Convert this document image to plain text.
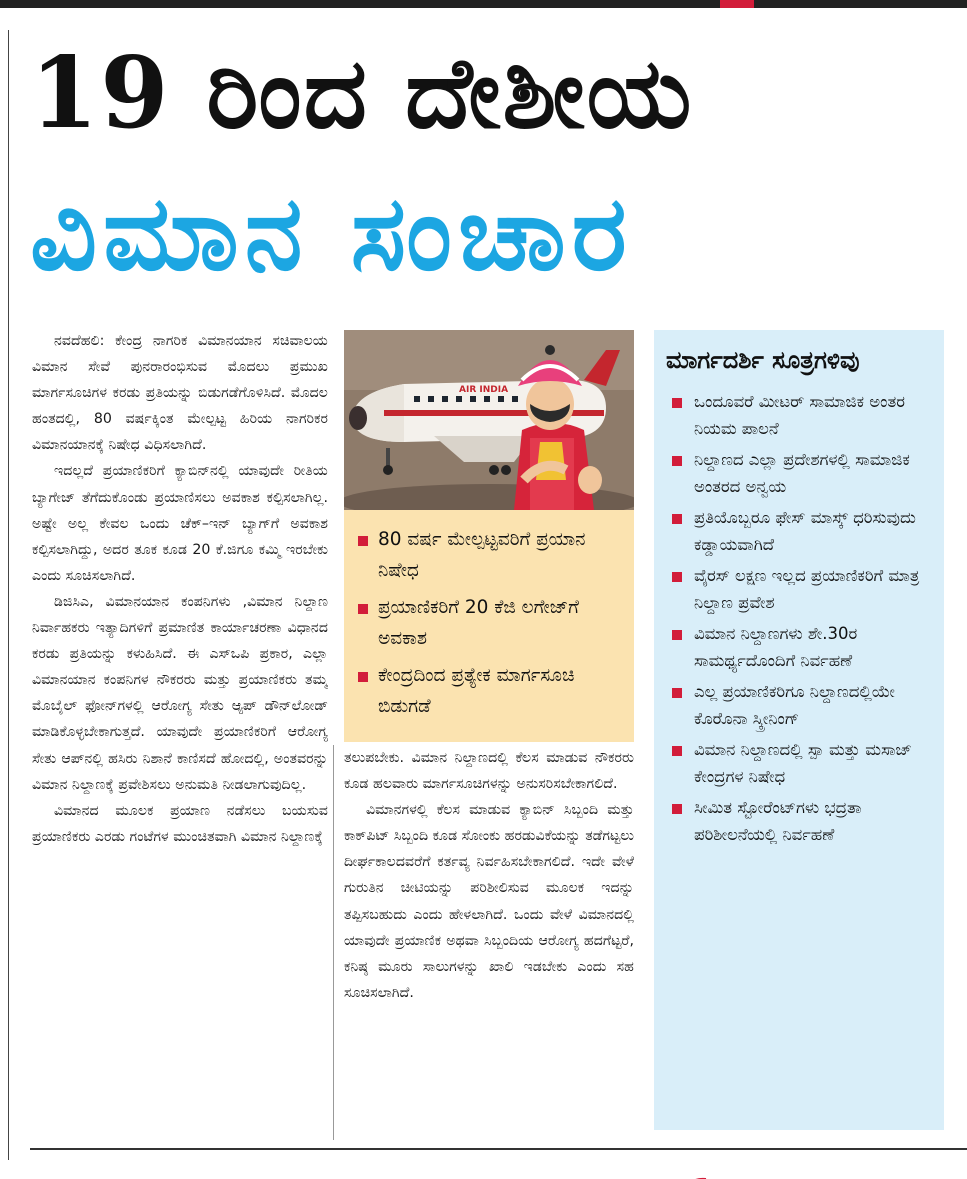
19 ರಿಂದ ದೇಶೀಯ
ವಿಮಾನ ಸಂಚಾರ

ನವದೆಹಲಿ: ಕೇಂದ್ರ ನಾಗರಿಕ ವಿಮಾನಯಾನ ಸಚಿವಾಲಯ ವಿಮಾನ ಸೇವೆ ಪುನರಾರಂಭಿಸುವ ಮೊದಲು ಪ್ರಮುಖ ಮಾರ್ಗಸೂಚಿಗಳ ಕರಡು ಪ್ರತಿಯನ್ನು ಬಿಡುಗಡೆಗೊಳಿಸಿದೆ. ಮೊದಲ ಹಂತದಲ್ಲಿ, 80 ವರ್ಷಕ್ಕಿಂತ ಮೇಲ್ಪಟ್ಟ ಹಿರಿಯ ನಾಗರಿಕರ ವಿಮಾನಯಾನಕ್ಕೆ ನಿಷೇಧ ವಿಧಿಸಲಾಗಿದೆ.

ಇದಲ್ಲದೆ ಪ್ರಯಾಣಿಕರಿಗೆ ಕ್ಯಾಬಿನ್‌ನಲ್ಲಿ ಯಾವುದೇ ರೀತಿಯ ಬ್ಯಾಗೇಜ್ ತೆಗೆದುಕೊಂಡು ಪ್ರಯಾಣಿಸಲು ಅವಕಾಶ ಕಲ್ಪಿಸಲಾಗಿಲ್ಲ. ಅಷ್ಟೇ ಅಲ್ಲ ಕೇವಲ ಒಂದು ಚೆಕ್–ಇನ್ ಬ್ಯಾಗ್‌ಗೆ ಅವಕಾಶ ಕಲ್ಪಿಸಲಾಗಿದ್ದು, ಅದರ ತೂಕ ಕೂಡ 20 ಕೆ.ಜಿಗೂ ಕಮ್ಮಿ ಇರಬೇಕು ಎಂದು ಸೂಚಿಸಲಾಗಿದೆ.

ಡಿಜಿಸಿಎ, ವಿಮಾನಯಾನ ಕಂಪನಿಗಳು ,ವಿಮಾನ ನಿಲ್ದಾಣ ನಿರ್ವಾಹಕರು ಇತ್ಯಾದಿಗಳಿಗೆ ಪ್ರಮಾಣಿತ ಕಾರ್ಯಾಚರಣಾ ವಿಧಾನದ ಕರಡು ಪ್ರತಿಯನ್ನು ಕಳುಹಿಸಿದೆ. ಈ ಎಸ್‌ಒಪಿ ಪ್ರಕಾರ, ಎಲ್ಲಾ ವಿಮಾನಯಾನ ಕಂಪನಿಗಳ ನೌಕರರು ಮತ್ತು ಪ್ರಯಾಣಿಕರು ತಮ್ಮ ಮೊಬೈಲ್ ಫೋನ್‌ಗಳಲ್ಲಿ ಆರೋಗ್ಯ ಸೇತು ಆ್ಯಪ್ ಡೌನ್‌ಲೋಡ್ ಮಾಡಿಕೊಳ್ಳಬೇಕಾಗುತ್ತದೆ. ಯಾವುದೇ ಪ್ರಯಾಣಿಕರಿಗೆ ಆರೋಗ್ಯ ಸೇತು ಆಪ್‌ನಲ್ಲಿ ಹಸಿರು ನಿಶಾನೆ ಕಾಣಿಸದೆ ಹೋದಲ್ಲಿ, ಅಂತವರನ್ನು ವಿಮಾನ ನಿಲ್ದಾಣಕ್ಕೆ ಪ್ರವೇಶಿಸಲು ಅನುಮತಿ ನೀಡಲಾಗುವುದಿಲ್ಲ.

ವಿಮಾನದ ಮೂಲಕ ಪ್ರಯಾಣ ನಡೆಸಲು ಬಯಸುವ ಪ್ರಯಾಣಿಕರು ಎರಡು ಗಂಟೆಗಳ ಮುಂಚಿತವಾಗಿ ವಿಮಾನ ನಿಲ್ದಾಣಕ್ಕೆ

AIR INDIA
80 ವರ್ಷ ಮೇಲ್ಪಟ್ಟವರಿಗೆ ಪ್ರಯಾನ ನಿಷೇಧ
ಪ್ರಯಾಣಿಕರಿಗೆ 20 ಕೆಜಿ ಲಗೇಜ್‌ಗೆ ಅವಕಾಶ
ಕೇಂದ್ರದಿಂದ ಪ್ರತ್ಯೇಕ ಮಾರ್ಗಸೂಚಿ ಬಿಡುಗಡೆ

ತಲುಪಬೇಕು. ವಿಮಾನ ನಿಲ್ದಾಣದಲ್ಲಿ ಕೆಲಸ ಮಾಡುವ ನೌಕರರು ಕೂಡ ಹಲವಾರು ಮಾರ್ಗಸೂಚಿಗಳನ್ನು ಅನುಸರಿಸಬೇಕಾಗಲಿದೆ.

ವಿಮಾನಗಳಲ್ಲಿ ಕೆಲಸ ಮಾಡುವ ಕ್ಯಾಬಿನ್ ಸಿಬ್ಬಂದಿ ಮತ್ತು ಕಾಕ್‌ಪಿಟ್ ಸಿಬ್ಬಂದಿ ಕೂಡ ಸೋಂಕು ಹರಡುವಿಕೆಯನ್ನು ತಡೆಗಟ್ಟಲು ದೀರ್ಘಕಾಲದವರೆಗೆ ಕರ್ತವ್ಯ ನಿರ್ವಹಿಸಬೇಕಾಗಲಿದೆ. ಇದೇ ವೇಳೆ ಗುರುತಿನ ಚೀಟಿಯನ್ನು ಪರಿಶೀಲಿಸುವ ಮೂಲಕ ಇದನ್ನು ತಪ್ಪಿಸಬಹುದು ಎಂದು ಹೇಳಲಾಗಿದೆ. ಒಂದು ವೇಳೆ ವಿಮಾನದಲ್ಲಿ ಯಾವುದೇ ಪ್ರಯಾಣಿಕ ಅಥವಾ ಸಿಬ್ಬಂದಿಯ ಆರೋಗ್ಯ ಹದಗೆಟ್ಟರೆ, ಕನಿಷ್ಠ ಮೂರು ಸಾಲುಗಳನ್ನು ಖಾಲಿ ಇಡಬೇಕು ಎಂದು ಸಹ ಸೂಚಿಸಲಾಗಿದೆ.

ಮಾರ್ಗದರ್ಶಿ ಸೂತ್ರಗಳಿವು
ಒಂದೂವರೆ ಮೀಟರ್ ಸಾಮಾಜಿಕ ಅಂತರ ನಿಯಮ ಪಾಲನೆ
ನಿಲ್ದಾಣದ ಎಲ್ಲಾ ಪ್ರದೇಶಗಳಲ್ಲಿ ಸಾಮಾಜಿಕ ಅಂತರದ ಅನ್ವಯ
ಪ್ರತಿಯೊಬ್ಬರೂ ಫೇಸ್ ಮಾಸ್ಕ್ ಧರಿಸುವುದು ಕಡ್ಡಾಯವಾಗಿದೆ
ವೈರಸ್ ಲಕ್ಷಣ ಇಲ್ಲದ ಪ್ರಯಾಣಿಕರಿಗೆ ಮಾತ್ರ ನಿಲ್ದಾಣ ಪ್ರವೇಶ
ವಿಮಾನ ನಿಲ್ದಾಣಗಳು ಶೇ.30ರ ಸಾಮರ್ಥ್ಯದೊಂದಿಗೆ ನಿರ್ವಹಣೆ
ಎಲ್ಲ ಪ್ರಯಾಣಿಕರಿಗೂ ನಿಲ್ದಾಣದಲ್ಲಿಯೇ ಕೊರೊನಾ ಸ್ಕ್ರೀನಿಂಗ್
ವಿಮಾನ ನಿಲ್ದಾಣದಲ್ಲಿ ಸ್ಪಾ ಮತ್ತು ಮಸಾಜ್ ಕೇಂದ್ರಗಳ ನಿಷೇಧ
ಸೀಮಿತ ಸ್ಟೋರೆಂಟ್‌ಗಳು ಭದ್ರತಾ ಪರಿಶೀಲನೆಯಲ್ಲಿ ನಿರ್ವಹಣೆ
